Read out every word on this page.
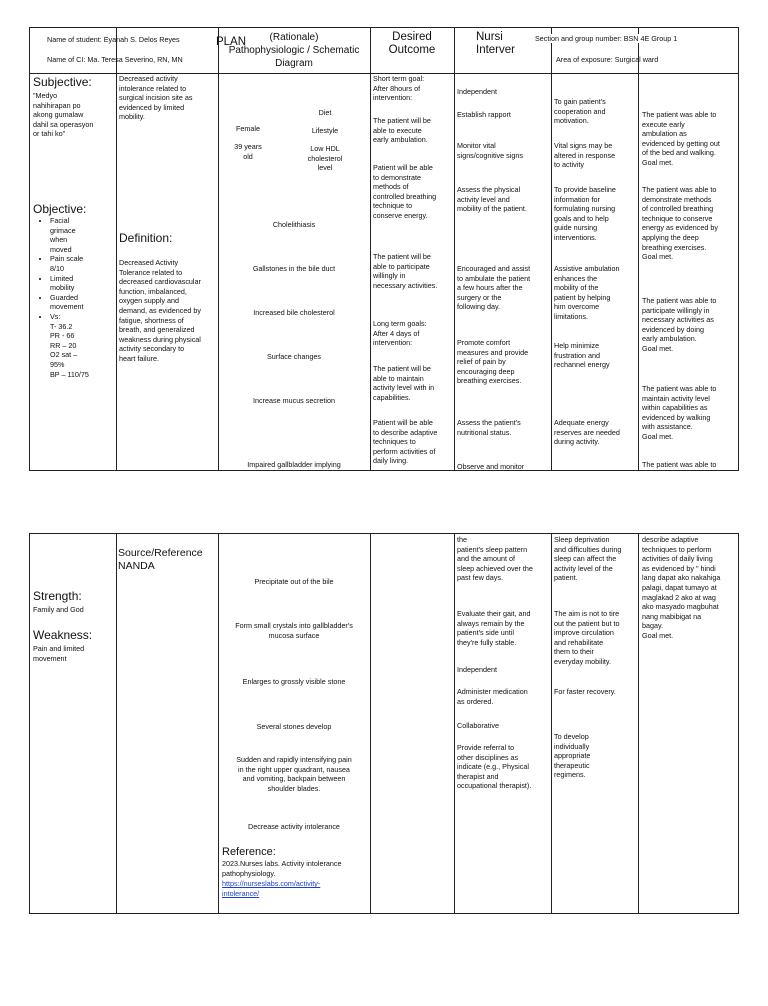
Name of student: Eyanah S. Delos Reyes
Name of CI: Ma. Teresa Severino, RN, MN
PLAN	(Rationale)
Pathophysiologic / Schematic
Diagram
Desired
Outcome
Nursi
Interver
Section and group number: BSN 4E Group 1
Area of exposure: Surgical ward
Subjective:
"Medyo
nahihirapan po
akong gumalaw
dahil sa operasyon
or tahi ko"
Objective:
• Facial
grimace
when
moved
• Pain scale
8/10
• Limited
mobility
• Guarded
movement
• Vs:
T- 36.2
PR - 66
RR – 20
O2 sat –
95%
BP – 110/75
Decreased activity
intolerance related to
surgical incision site as
evidenced by limited
mobility.
Definition:
Decreased Activity
Tolerance related to
decreased cardiovascular
function, imbalanced,
oxygen supply and
demand, as evidenced by
fatigue, shortness of
breath, and generalized
weakness during physical
activity secondary to
heart failure.
Female
39 years
old
Diet
Lifestyle
Low HDL
cholesterol
level
Cholelithiasis
Gallstones in the bile duct
Increased bile cholesterol
Surface changes
Increase mucus secretion
Impaired gallbladder implying
Short term goal:
After 8hours of
intervention:
The patient will be
able to execute
early ambulation.
Patient will be able
to demonstrate
methods of
controlled breathing
technique to
conserve energy.
The patient will be
able to participate
willingly in
necessary activities.
Long term goals:
After 4 days of
intervention:
The patient will be
able to maintain
activity level with in
capabilities.
Patient will be able
to describe adaptive
techniques to
perform activities of
daily living.
Independent
Establish rapport
Monitor vital
signs/cognitive signs
Assess the physical
activity level and
mobility of the patient.
Encouraged and assist
to ambulate the patient
a few hours after the
surgery or the
following day.
Promote comfort
measures and provide
relief of pain by
encouraging deep
breathing exercises.
Assess the patient's
nutritional status.
Observe and monitor
To gain patient's
cooperation and
motivation.
Vital signs may be
altered in response
to activity
To provide baseline
information for
formulating nursing
goals and to help
guide nursing
interventions.
Assistive ambulation
enhances the
mobility of the
patient by helping
him overcome
limitations.
Help minimize
frustration and
rechannel energy
Adequate energy
reserves are needed
during activity.
The patient was able to
execute early
ambulation as
evidenced by getting out
of the bed and walking.
Goal met.
The patient was able to
demonstrate methods
of controlled breathing
technique to conserve
energy as evidenced by
applying the deep
breathing exercises.
Goal met.
The patient was able to
participate willingly in
necessary activities as
evidenced by doing
early ambulation.
Goal met.
The patient was able to
maintain activity level
within capabilities as
evidenced by walking
with assistance.
Goal met.
The patient was able to
Strength:
Family and God
Weakness:
Pain and limited
movement
Source/Reference
NANDA
Precipitate out of the bile
Form small crystals into gallbladder's
mucosa surface
Enlarges to grossly visible stone
Several stones develop
Sudden and rapidly intensifying pain
in the right upper quadrant, nausea
and vomiting, backpain between
shoulder blades.
Decrease activity intolerance
Reference:
2023.Nurses labs. Activity intolerance
pathophysiology.
https://nurseslabs.com/activity-
intolerance/
the
patient's sleep pattern
and the amount of
sleep achieved over the
past few days.
Evaluate their gait, and
always remain by the
patient's side until
they're fully stable.
Independent
Administer medication
as ordered.
Collaborative
Provide referral to
other disciplines as
indicate (e.g., Physical
therapist and
occupational therapist).
Sleep deprivation
and difficulties during
sleep can affect the
activity level of the
patient.
The aim is not to tire
out the patient but to
improve circulation
and rehabilitate
them to their
everyday mobility.
For faster recovery.
To develop
individually
appropriate
therapeutic
regimens.
describe adaptive
techniques to perform
activities of daily living
as evidenced by " hindi
lang dapat ako nakahiga
palagi, dapat tumayo at
maglakad 2 ako at wag
ako masyado magbuhat
nang mabibigat na
bagay.
Goal met.
